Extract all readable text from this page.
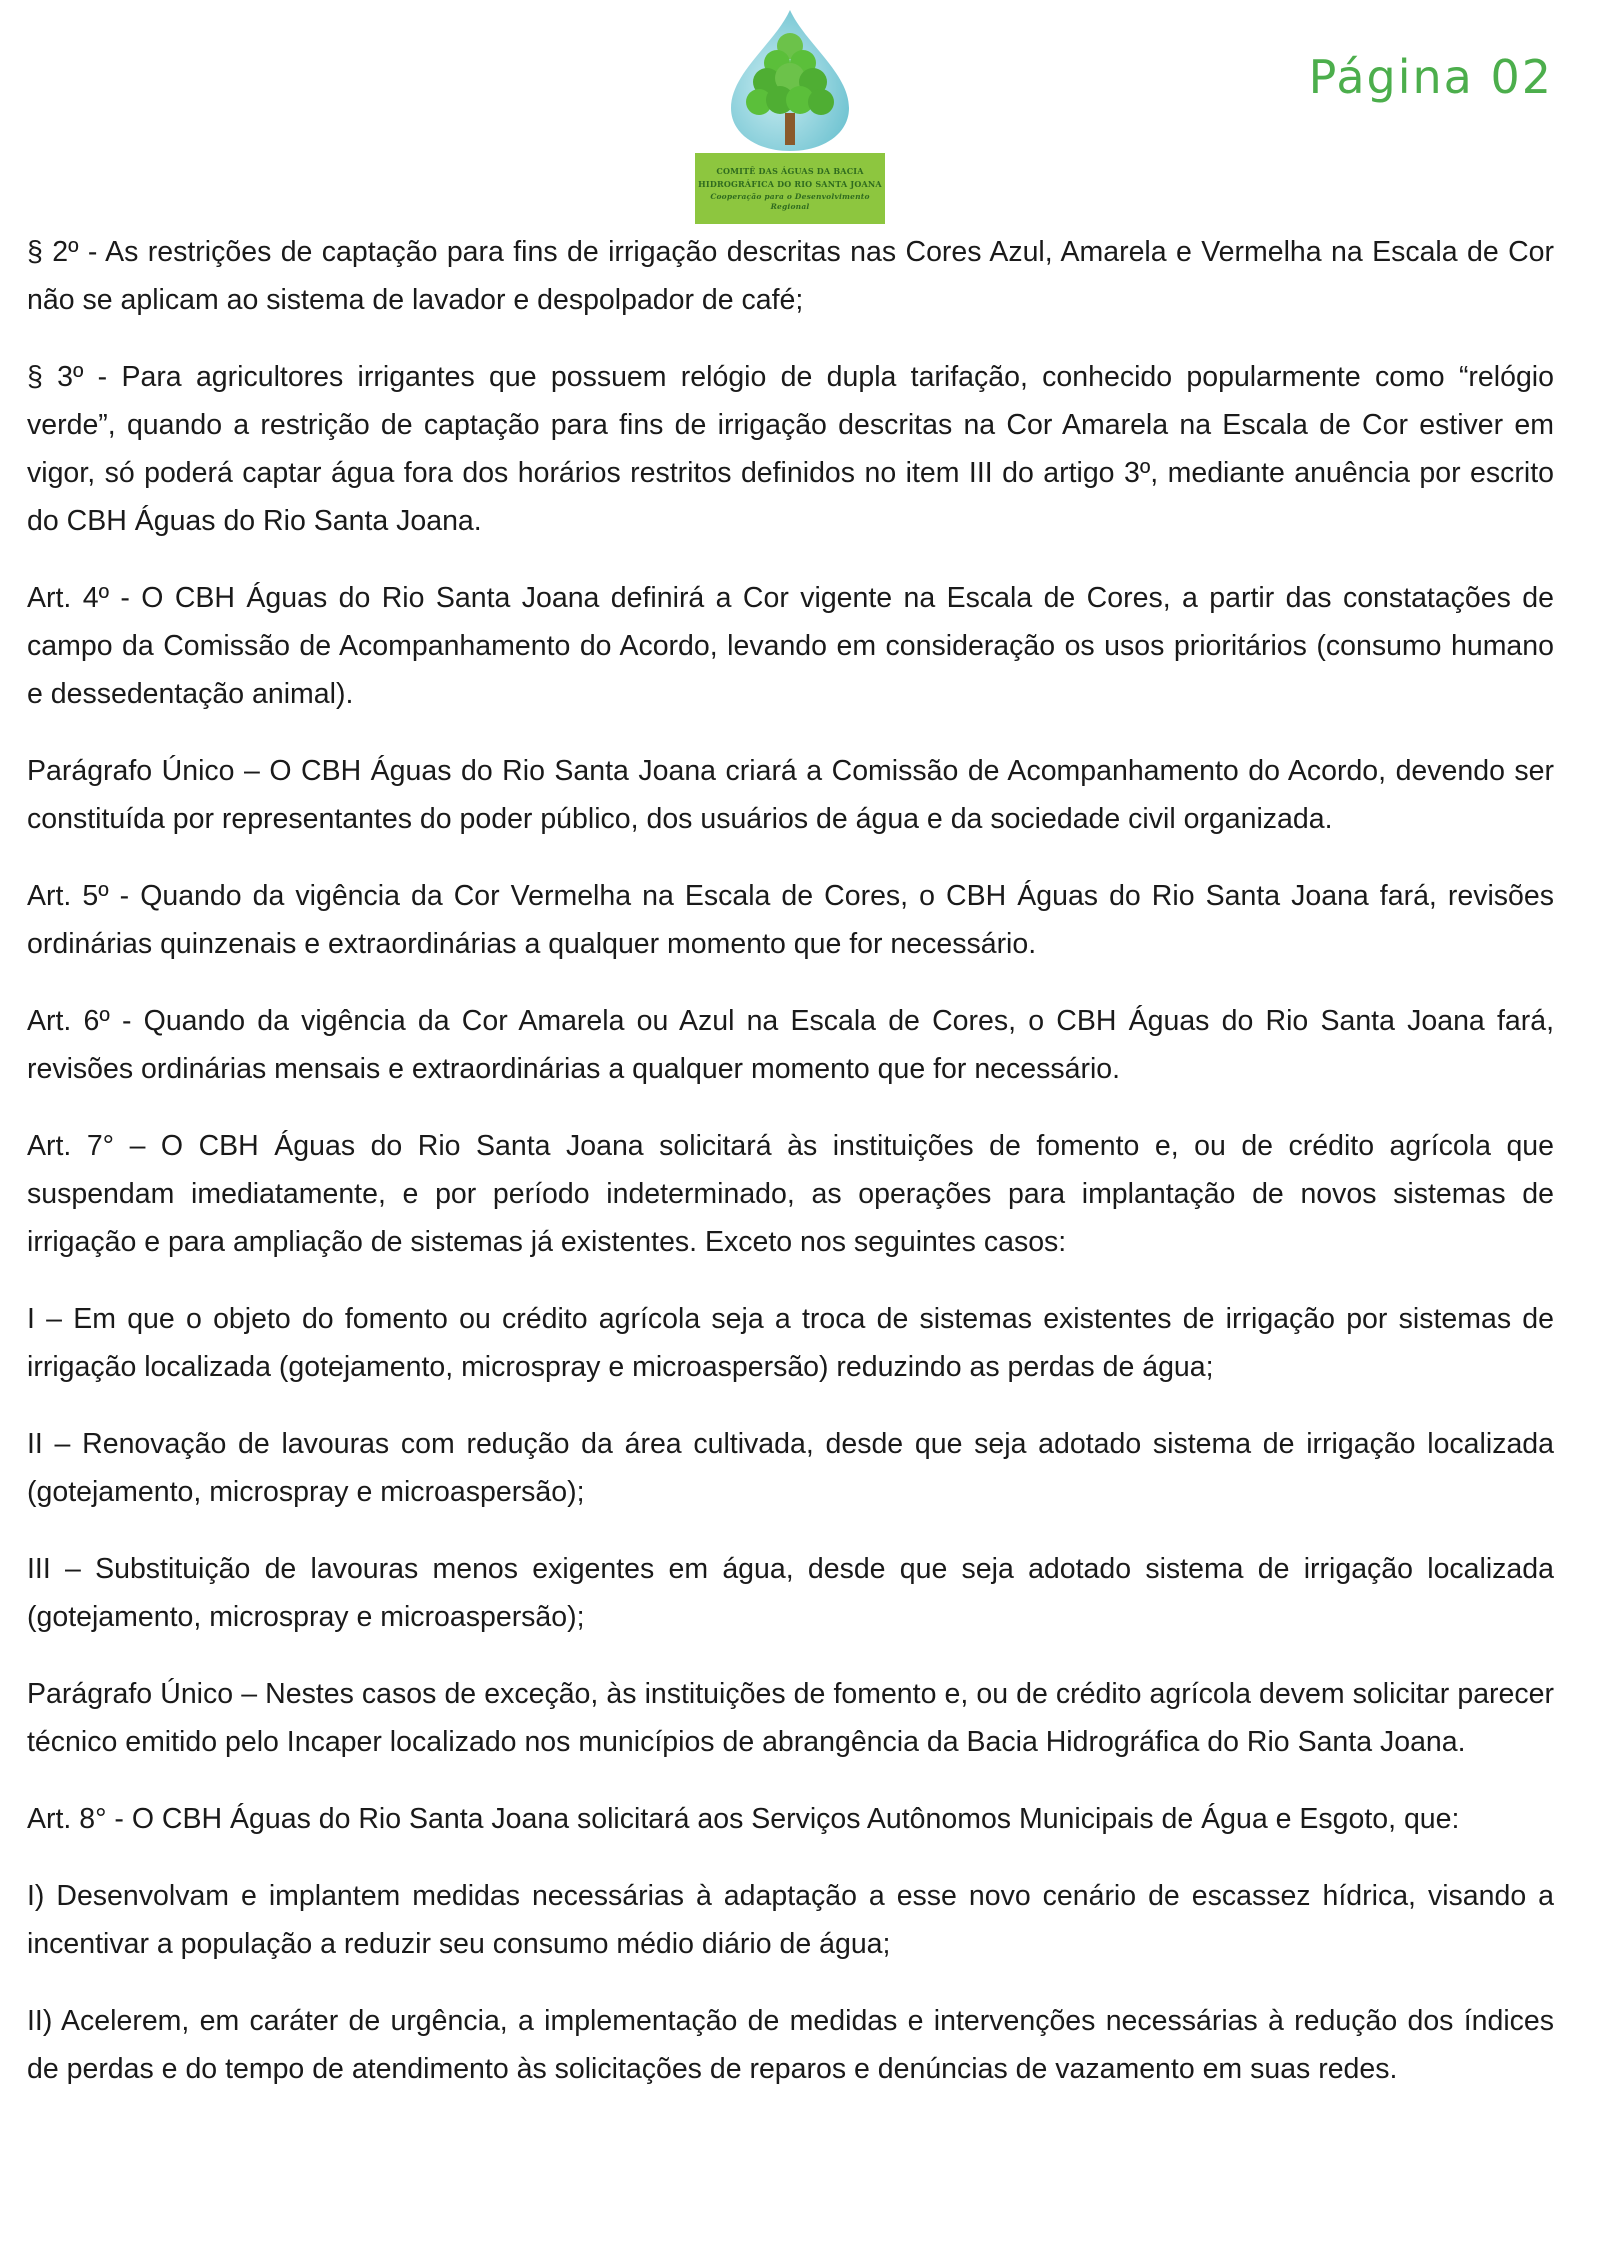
COMITÊ DAS ÁGUAS DA BACIA
HIDROGRÁFICA DO RIO SANTA JOANA
Cooperação para o Desenvolvimento Regional
Página 02

§ 2º - As restrições de captação para fins de irrigação descritas nas Cores Azul, Amarela e Vermelha na Escala de Cor não se aplicam ao sistema de lavador e despolpador de café;

§ 3º - Para agricultores irrigantes que possuem relógio de dupla tarifação, conhecido popularmente como “relógio verde”, quando a restrição de captação para fins de irrigação descritas na Cor Amarela na Escala de Cor estiver em vigor, só poderá captar água fora dos horários restritos definidos no item III do artigo 3º, mediante anuência por escrito do CBH Águas do Rio Santa Joana.

Art. 4º - O CBH Águas do Rio Santa Joana definirá a Cor vigente na Escala de Cores, a partir das constatações de campo da Comissão de Acompanhamento do Acordo, levando em consideração os usos prioritários (consumo humano e dessedentação animal).

Parágrafo Único – O CBH Águas do Rio Santa Joana criará a Comissão de Acompanhamento do Acordo, devendo ser constituída por representantes do poder público, dos usuários de água e da sociedade civil organizada.

Art. 5º - Quando da vigência da Cor Vermelha na Escala de Cores, o CBH Águas do Rio Santa Joana fará, revisões ordinárias quinzenais e extraordinárias a qualquer momento que for necessário.

Art. 6º - Quando da vigência da Cor Amarela ou Azul na Escala de Cores, o CBH Águas do Rio Santa Joana fará, revisões ordinárias mensais e extraordinárias a qualquer momento que for necessário.

Art. 7° – O CBH Águas do Rio Santa Joana solicitará às instituições de fomento e, ou de crédito agrícola que suspendam imediatamente, e por período indeterminado, as operações para implantação de novos sistemas de irrigação e para ampliação de sistemas já existentes. Exceto nos seguintes casos:

I – Em que o objeto do fomento ou crédito agrícola seja a troca de sistemas existentes de irrigação por sistemas de irrigação localizada (gotejamento, microspray e microaspersão) reduzindo as perdas de água;

II – Renovação de lavouras com redução da área cultivada, desde que seja adotado sistema de irrigação localizada (gotejamento, microspray e microaspersão);

III – Substituição de lavouras menos exigentes em água, desde que seja adotado sistema de irrigação localizada (gotejamento, microspray e microaspersão);

Parágrafo Único – Nestes casos de exceção, às instituições de fomento e, ou de crédito agrícola devem solicitar parecer técnico emitido pelo Incaper localizado nos municípios de abrangência da Bacia Hidrográfica do Rio Santa Joana.

Art. 8° - O CBH Águas do Rio Santa Joana solicitará aos Serviços Autônomos Municipais de Água e Esgoto, que:

I) Desenvolvam e implantem medidas necessárias à adaptação a esse novo cenário de escassez hídrica, visando a incentivar a população a reduzir seu consumo médio diário de água;

II) Acelerem, em caráter de urgência, a implementação de medidas e intervenções necessárias à redução dos índices de perdas e do tempo de atendimento às solicitações de reparos e denúncias de vazamento em suas redes.
